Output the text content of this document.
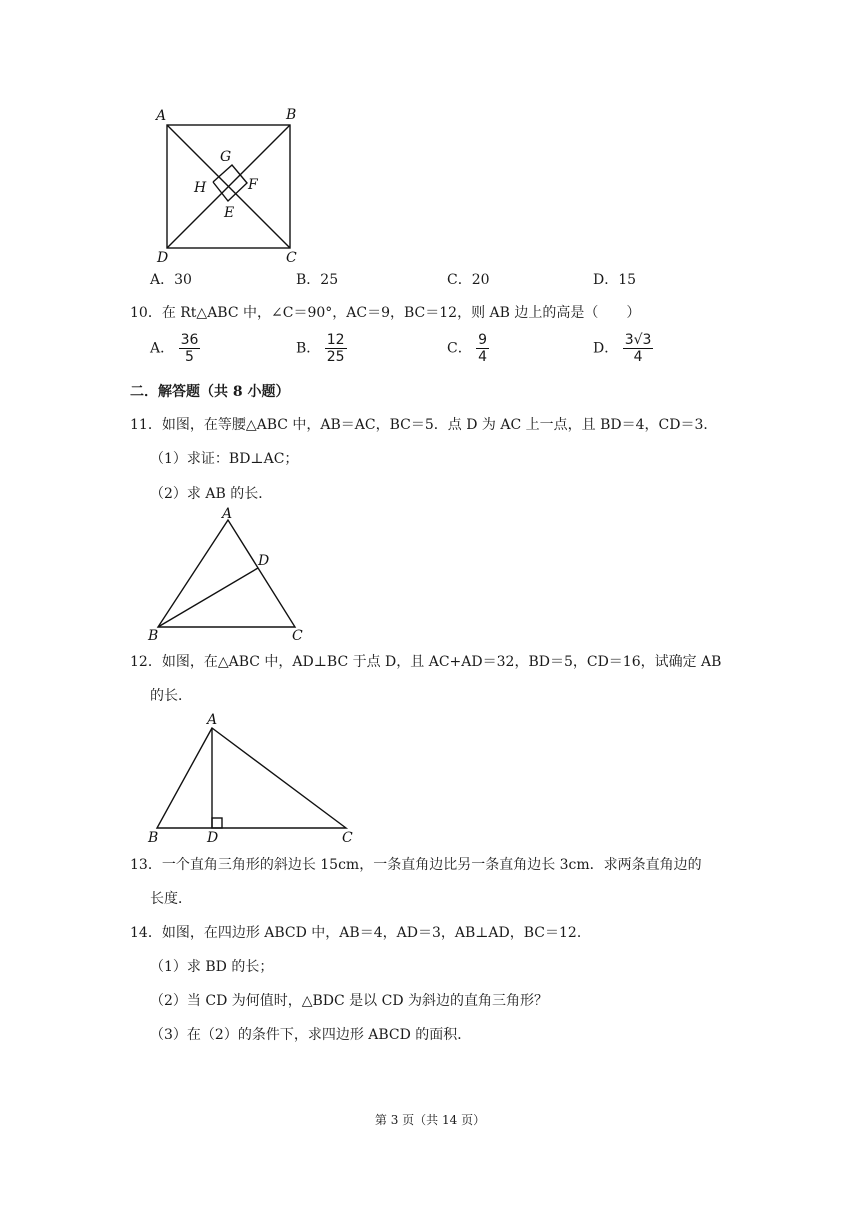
A	B
C
D
G
H	F
E
A．30	B．25	C．20	D．15
10．在 Rt△ABC 中，∠C＝90°，AC＝9，BC＝12，则 AB 边上的高是（　　）
A． $\frac{36}{5}$	B． $\frac{12}{25}$	C． $\frac{9}{4}$	D． $\frac{3√3}{4}$
二．解答题（共 8 小题）
11．如图，在等腰△ABC 中，AB＝AC，BC＝5．点 D 为 AC 上一点，且 BD＝4，CD＝3．
（1）求证：BD⊥AC；
（2）求 AB 的长．
A
B	C
D
12．如图，在△ABC 中，AD⊥BC 于点 D，且 AC+AD＝32，BD＝5，CD＝16，试确定 AB
的长．
A
B	D	C
13．一个直角三角形的斜边长 15cm，一条直角边比另一条直角边长 3cm．求两条直角边的
长度．
14．如图，在四边形 ABCD 中，AB＝4，AD＝3，AB⊥AD，BC＝12．
（1）求 BD 的长；
（2）当 CD 为何值时，△BDC 是以 CD 为斜边的直角三角形？
（3）在（2）的条件下，求四边形 ABCD 的面积．
第 3 页（共 14 页）
